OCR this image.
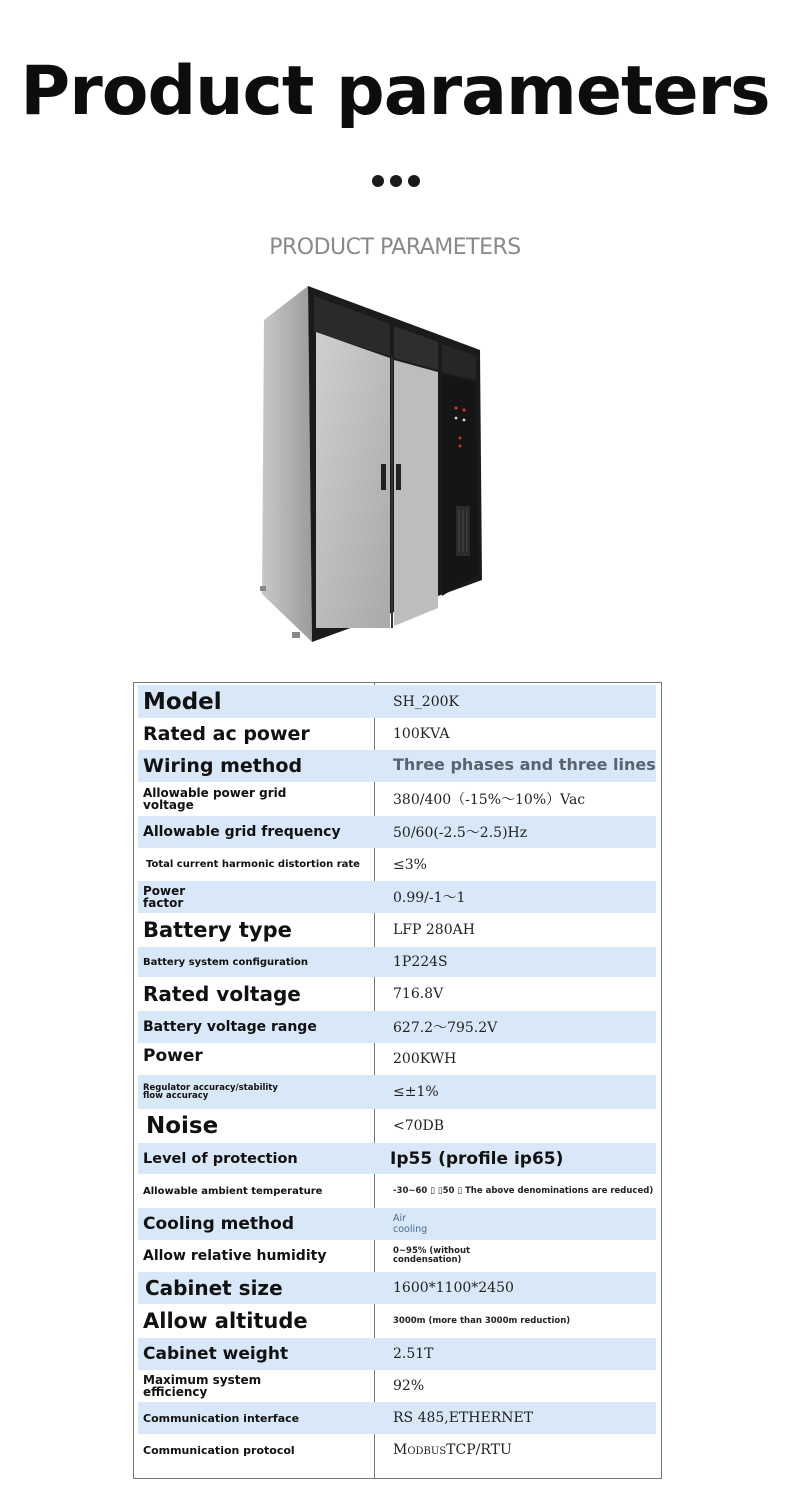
Product parameters
PRODUCT PARAMETERS
Model	SH_200K
Rated ac power	100KVA
Wiring method	Three phases and three lines
Allowable power grid voltage	380/400（-15%～10%）Vac
Allowable grid frequency	50/60(-2.5～2.5)Hz
Total current harmonic distortion rate	≤3%
Power factor	0.99/-1～1
Battery type	LFP 280AH
Battery system configuration	1P224S
Rated voltage	716.8V
Battery voltage range	627.2～795.2V
Power	200KWH
Regulator accuracy/stability flow accuracy	≤±1%
Noise	<70DB
Level of protection	Ip55 (profile ip65)
Allowable ambient temperature	-30~60 ▯ ▯50 ▯ The above denominations are reduced)
Cooling method	Air cooling
Allow relative humidity	0~95% (without condensation)
Cabinet size	1600*1100*2450
Allow altitude	3000m (more than 3000m reduction)
Cabinet weight	2.51T
Maximum system efficiency	92%
Communication interface	RS 485,ETHERNET
Communication protocol	ModbusTCP/RTU
